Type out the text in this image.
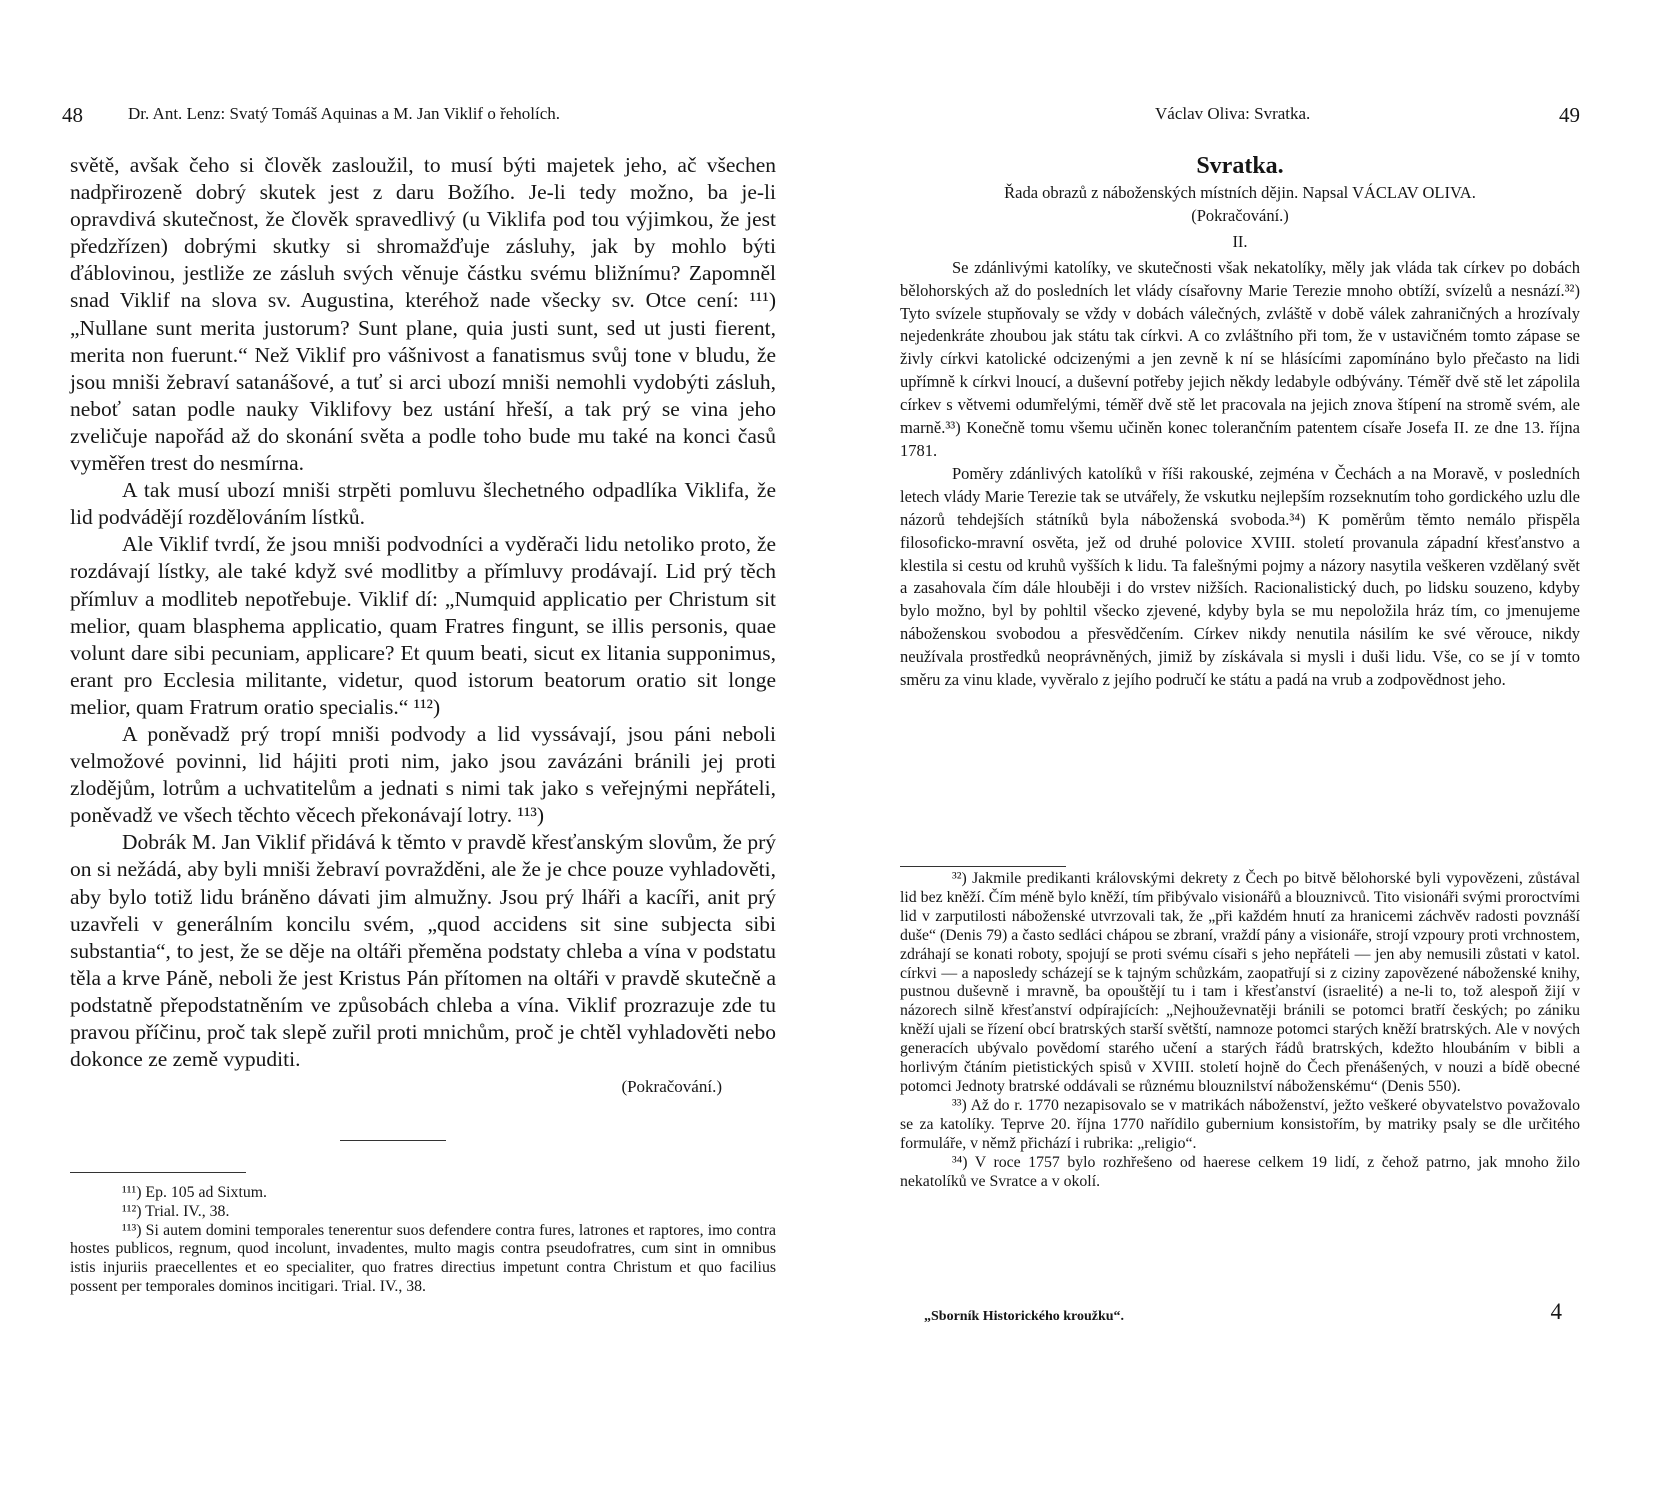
48	Dr. Ant. Lenz: Svatý Tomáš Aquinas a M. Jan Viklif o řeholích.

světě, avšak čeho si člověk zasloužil, to musí býti majetek jeho, ač všechen nadpřirozeně dobrý skutek jest z daru Božího. Je-li tedy možno, ba je-li opravdivá skutečnost, že člověk spravedlivý (u Viklifa pod tou výjimkou, že jest předzřízen) dobrými skutky si shromažďuje zásluhy, jak by mohlo býti ďáblovinou, jestliže ze zásluh svých věnuje částku svému bližnímu? Zapomněl snad Viklif na slova sv. Augustina, kteréhož nade všecky sv. Otce cení: ¹¹¹) „Nullane sunt merita justorum? Sunt plane, quia justi sunt, sed ut justi fierent, merita non fuerunt.“ Než Viklif pro vášnivost a fanatismus svůj tone v bludu, že jsou mniši žebraví satanášové, a tuť si arci ubozí mniši nemohli vydobýti zásluh, neboť satan podle nauky Viklifovy bez ustání hřeší, a tak prý se vina jeho zveličuje napořád až do skonání světa a podle toho bude mu také na konci časů vyměřen trest do nesmírna.

A tak musí ubozí mniši strpěti pomluvu šlechetného odpadlíka Viklifa, že lid podvádějí rozdělováním lístků.

Ale Viklif tvrdí, že jsou mniši podvodníci a vyděrači lidu netoliko proto, že rozdávají lístky, ale také když své modlitby a přímluvy prodávají. Lid prý těch přímluv a modliteb nepotřebuje. Viklif dí: „Numquid applicatio per Christum sit melior, quam blasphema applicatio, quam Fratres fingunt, se illis personis, quae volunt dare sibi pecuniam, applicare? Et quum beati, sicut ex litania supponimus, erant pro Ecclesia militante, videtur, quod istorum beatorum oratio sit longe melior, quam Fratrum oratio specialis.“ ¹¹²)

A poněvadž prý tropí mniši podvody a lid vyssávají, jsou páni neboli velmožové povinni, lid hájiti proti nim, jako jsou zavázáni bránili jej proti zlodějům, lotrům a uchvatitelům a jednati s nimi tak jako s veřejnými nepřáteli, poněvadž ve všech těchto věcech překonávají lotry. ¹¹³)

Dobrák M. Jan Viklif přidává k těmto v pravdě křesťanským slovům, že prý on si nežádá, aby byli mniši žebraví povražděni, ale že je chce pouze vyhladověti, aby bylo totiž lidu bráněno dávati jim almužny. Jsou prý lháři a kacíři, anit prý uzavřeli v generálním koncilu svém, „quod accidens sit sine subjecta sibi substantia“, to jest, že se děje na oltáři přeměna podstaty chleba a vína v podstatu těla a krve Páně, neboli že jest Kristus Pán přítomen na oltáři v pravdě skutečně a podstatně přepodstatněním ve způsobách chleba a vína. Viklif prozrazuje zde tu pravou příčinu, proč tak slepě zuřil proti mnichům, proč je chtěl vyhladověti nebo dokonce ze země vypuditi.

(Pokračování.)

¹¹¹) Ep. 105 ad Sixtum.

¹¹²) Trial. IV., 38.

¹¹³) Si autem domini temporales tenerentur suos defendere contra fures, latrones et raptores, imo contra hostes publicos, regnum, quod incolunt, invadentes, multo magis contra pseudofratres, cum sint in omnibus istis injuriis praecellentes et eo specialiter, quo fratres directius impetunt contra Christum et quo facilius possent per temporales dominos incitigari. Trial. IV., 38.

Václav Oliva: Svratka.	49
Svratka.
Řada obrazů z náboženských místních dějin. Napsal VÁCLAV OLIVA.
(Pokračování.)
II.

Se zdánlivými katolíky, ve skutečnosti však nekatolíky, měly jak vláda tak církev po dobách bělohorských až do posledních let vlády císařovny Marie Terezie mnoho obtíží, svízelů a nesnází.³²) Tyto svízele stupňovaly se vždy v dobách válečných, zvláště v době válek zahraničných a hrozívaly nejedenkráte zhoubou jak státu tak církvi. A co zvláštního při tom, že v ustavičném tomto zápase se živly církvi katolické odcizenými a jen zevně k ní se hlásícími zapomínáno bylo přečasto na lidi upřímně k církvi lnoucí, a duševní potřeby jejich někdy ledabyle odbývány. Téměř dvě stě let zápolila církev s větvemi odumřelými, téměř dvě stě let pracovala na jejich znova štípení na stromě svém, ale marně.³³) Konečně tomu všemu učiněn konec tolerančním patentem císaře Josefa II. ze dne 13. října 1781.

Poměry zdánlivých katolíků v říši rakouské, zejména v Čechách a na Moravě, v posledních letech vlády Marie Terezie tak se utvářely, že vskutku nejlepším rozseknutím toho gordického uzlu dle názorů tehdejších státníků byla náboženská svoboda.³⁴) K poměrům těmto nemálo přispěla filosoficko-mravní osvěta, jež od druhé polovice XVIII. století provanula západní křesťanstvo a klestila si cestu od kruhů vyšších k lidu. Ta falešnými pojmy a názory nasytila veškeren vzdělaný svět a zasahovala čím dále hlouběji i do vrstev nižších. Racionalistický duch, po lidsku souzeno, kdyby bylo možno, byl by pohltil všecko zjevené, kdyby byla se mu nepoložila hráz tím, co jmenujeme náboženskou svobodou a přesvědčením. Církev nikdy nenutila násilím ke své věrouce, nikdy neužívala prostředků neoprávněných, jimiž by získávala si mysli i duši lidu. Vše, co se jí v tomto směru za vinu klade, vyvěralo z jejího područí ke státu a padá na vrub a zodpovědnost jeho.

³²) Jakmile predikanti královskými dekrety z Čech po bitvě bělohorské byli vypovězeni, zůstával lid bez kněží. Čím méně bylo kněží, tím přibývalo visionářů a blouznivců. Tito visionáři svými proroctvími lid v zarputilosti náboženské utvrzovali tak, že „při každém hnutí za hranicemi záchvěv radosti povznáší duše“ (Denis 79) a často sedláci chápou se zbraní, vraždí pány a visionáře, strojí vzpoury proti vrchnostem, zdráhají se konati roboty, spojují se proti svému císaři s jeho nepřáteli — jen aby nemusili zůstati v katol. církvi — a naposledy scházejí se k tajným schůzkám, zaopatřují si z ciziny zapovězené náboženské knihy, pustnou duševně i mravně, ba opouštějí tu i tam i křesťanství (israelité) a ne-li to, tož alespoň žijí v názorech silně křesťanství odpírajících: „Nejhouževnatěji bránili se potomci bratří českých; po zániku kněží ujali se řízení obcí bratrských starší světští, namnoze potomci starých kněží bratrských. Ale v nových generacích ubývalo povědomí starého učení a starých řádů bratrských, kdežto hloubáním v bibli a horlivým čtáním pietistických spisů v XVIII. století hojně do Čech přenášených, v nouzi a bídě obecné potomci Jednoty bratrské oddávali se různému blouznilství náboženskému“ (Denis 550).

³³) Až do r. 1770 nezapisovalo se v matrikách náboženství, ježto veškeré obyvatelstvo považovalo se za katolíky. Teprve 20. října 1770 nařídilo gubernium konsistořím, by matriky psaly se dle určitého formuláře, v němž přichází i rubrika: „religio“.

³⁴) V roce 1757 bylo rozhřešeno od haerese celkem 19 lidí, z čehož patrno, jak mnoho žilo nekatolíků ve Svratce a v okolí.

„Sborník Historického kroužku“.	4
